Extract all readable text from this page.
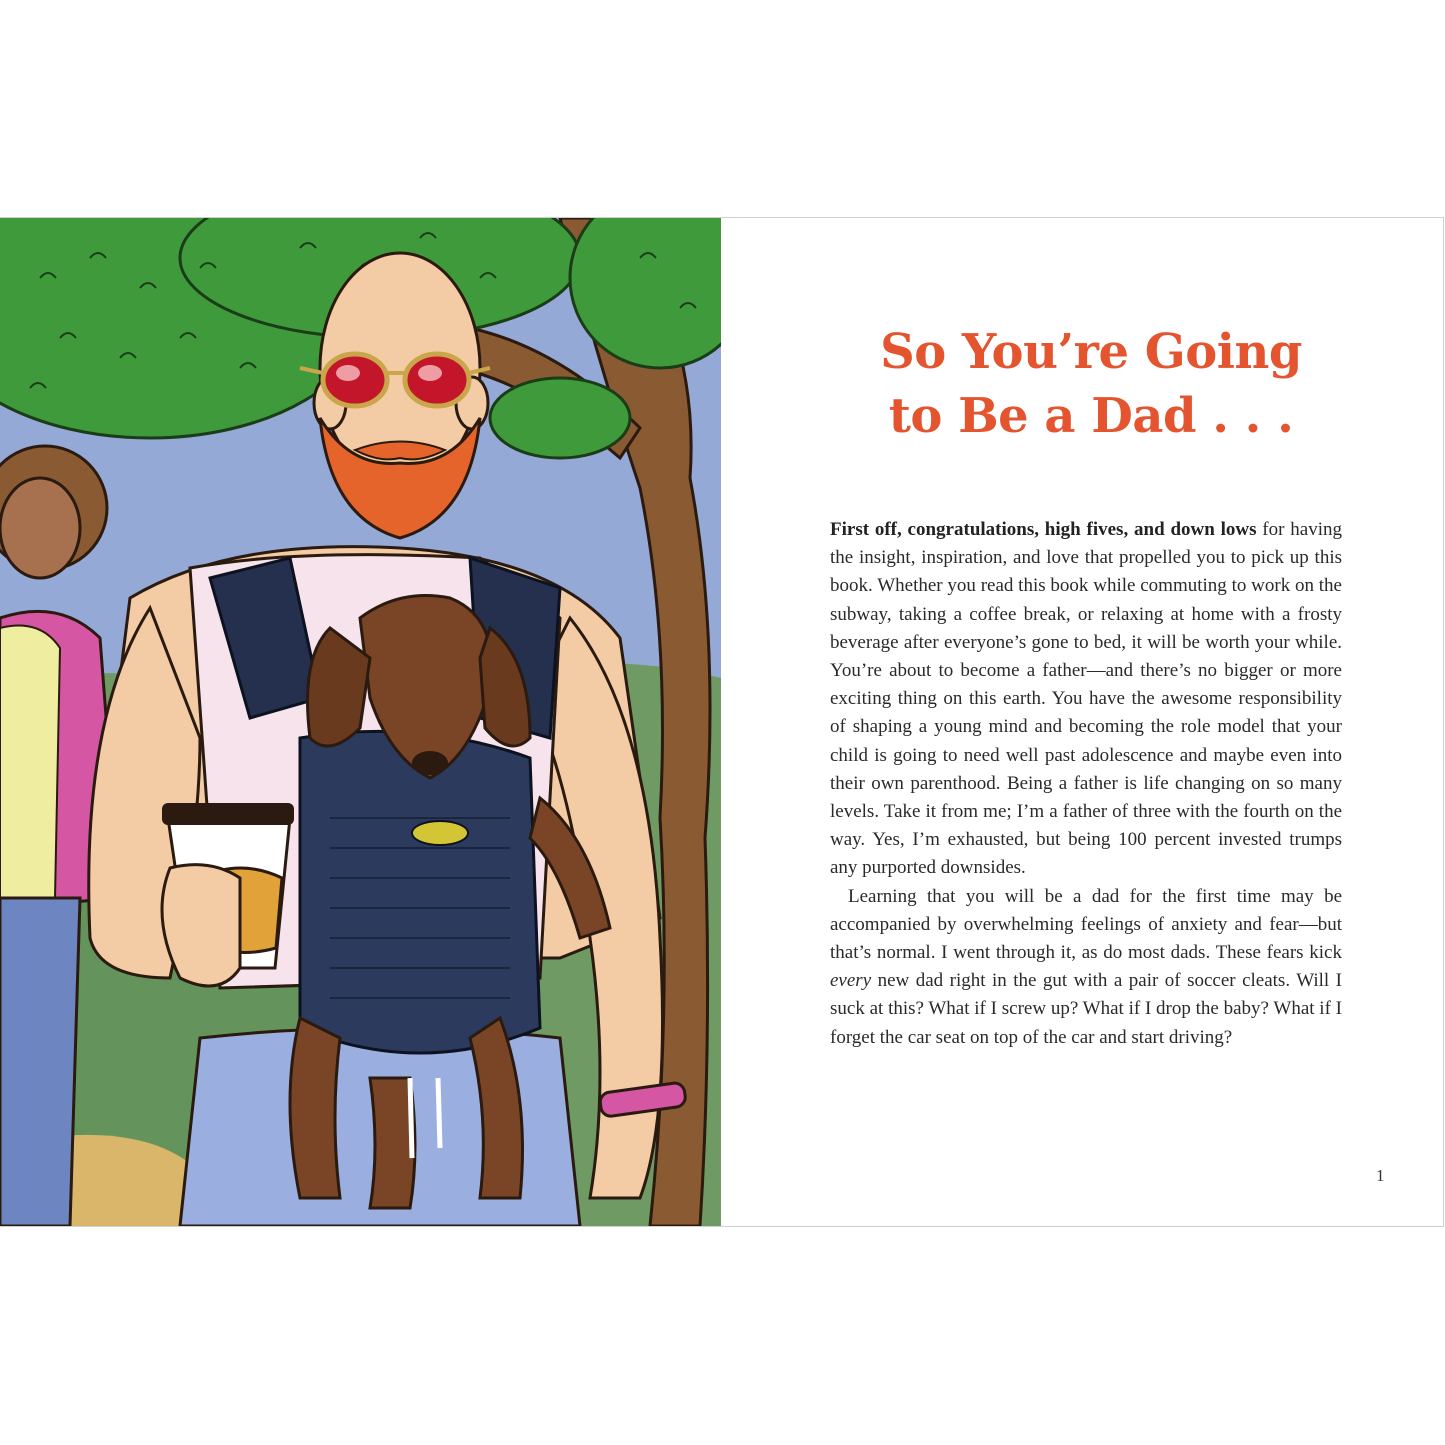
So You’re Going
to Be a Dad . . .

First off, congratulations, high fives, and down lows for having the insight, inspiration, and love that propelled you to pick up this book. Whether you read this book while commuting to work on the subway, taking a coffee break, or relaxing at home with a frosty beverage after everyone’s gone to bed, it will be worth your while. You’re about to become a father—and there’s no bigger or more exciting thing on this earth. You have the awesome responsibility of shaping a young mind and becoming the role model that your child is going to need well past adolescence and maybe even into their own parenthood. Being a father is life changing on so many levels. Take it from me; I’m a father of three with the fourth on the way. Yes, I’m exhausted, but being 100 percent invested trumps any purported downsides.

Learning that you will be a dad for the first time may be accompanied by overwhelming feelings of anxiety and fear—but that’s normal. I went through it, as do most dads. These fears kick every new dad right in the gut with a pair of soccer cleats. Will I suck at this? What if I screw up? What if I drop the baby? What if I forget the car seat on top of the car and start driving?

1
